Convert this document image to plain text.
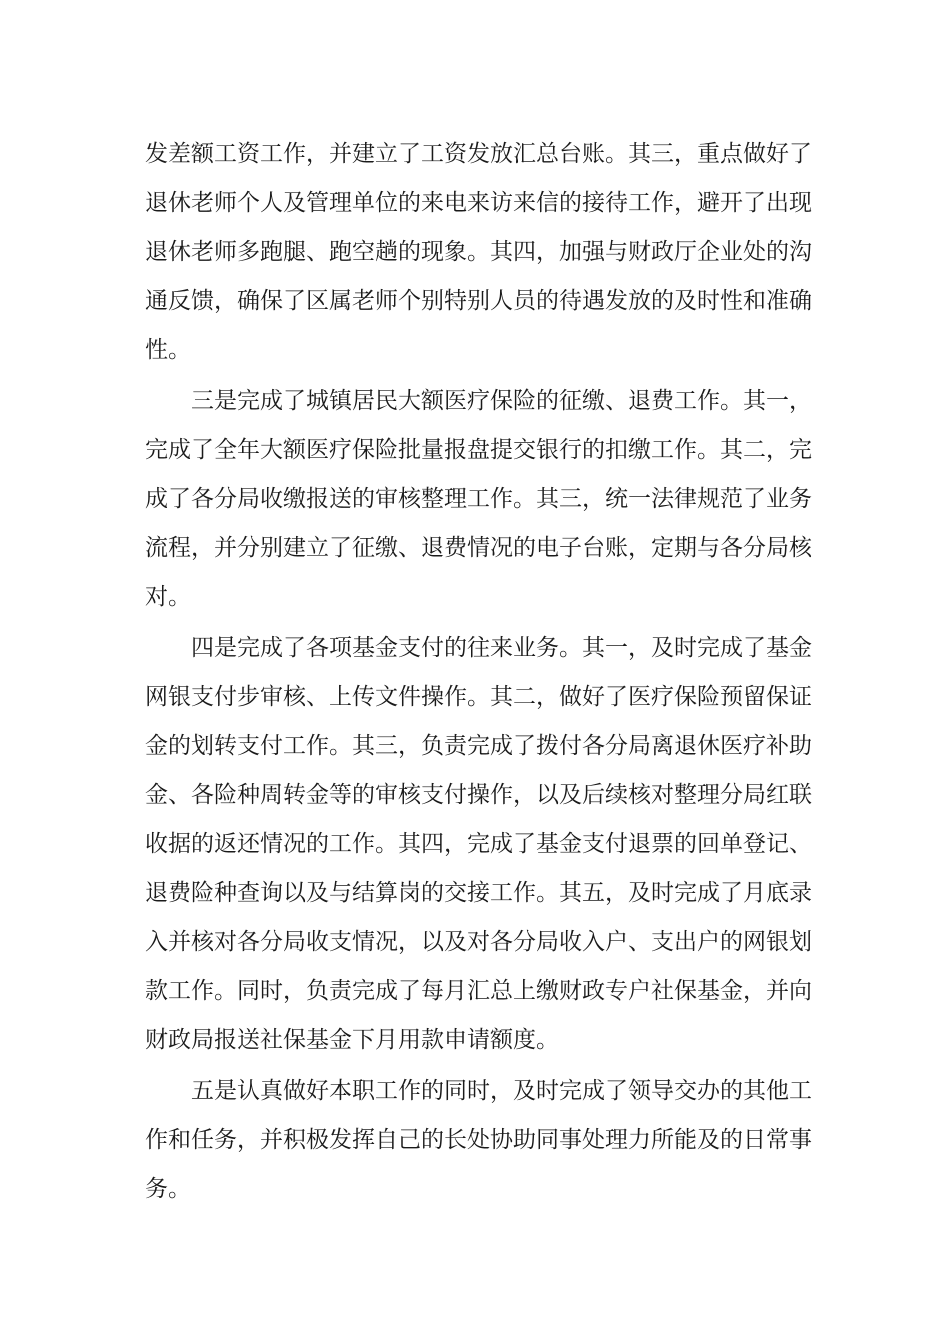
发差额工资工作，并建立了工资发放汇总台账。其三，重点做好了

退休老师个人及管理单位的来电来访来信的接待工作，避开了出现

退休老师多跑腿、跑空趟的现象。其四，加强与财政厅企业处的沟

通反馈，确保了区属老师个别特别人员的待遇发放的及时性和准确

性。

三是完成了城镇居民大额医疗保险的征缴、退费工作。其一，

完成了全年大额医疗保险批量报盘提交银行的扣缴工作。其二，完

成了各分局收缴报送的审核整理工作。其三，统一法律规范了业务

流程，并分别建立了征缴、退费情况的电子台账，定期与各分局核

对。

四是完成了各项基金支付的往来业务。其一，及时完成了基金

网银支付步审核、上传文件操作。其二，做好了医疗保险预留保证

金的划转支付工作。其三，负责完成了拨付各分局离退休医疗补助

金、各险种周转金等的审核支付操作，以及后续核对整理分局红联

收据的返还情况的工作。其四，完成了基金支付退票的回单登记、

退费险种查询以及与结算岗的交接工作。其五，及时完成了月底录

入并核对各分局收支情况，以及对各分局收入户、支出户的网银划

款工作。同时，负责完成了每月汇总上缴财政专户社保基金，并向

财政局报送社保基金下月用款申请额度。

五是认真做好本职工作的同时，及时完成了领导交办的其他工

作和任务，并积极发挥自己的长处协助同事处理力所能及的日常事

务。
